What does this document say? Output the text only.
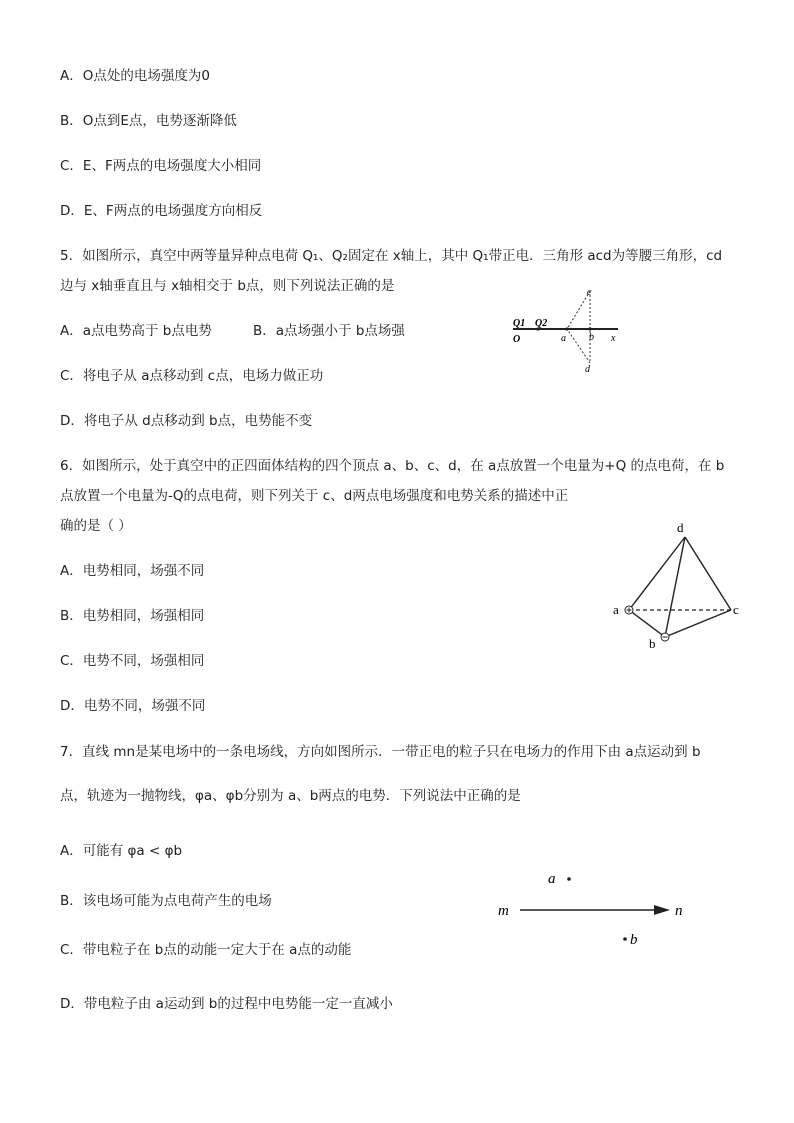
A．O点处的电场强度为0
B．O点到E点，电势逐渐降低
C．E、F两点的电场强度大小相同
D．E、F两点的电场强度方向相反
5．如图所示，真空中两等量异种点电荷 Q₁、Q₂固定在 x轴上，其中 Q₁带正电．三角形 acd为等腰三角形，cd
边与 x轴垂直且与 x轴相交于 b点，则下列说法正确的是
A．a点电势高于 b点电势	B．a点场强小于 b点场强
C．将电子从 a点移动到 c点，电场力做正功
D．将电子从 d点移动到 b点，电势能不变
Q1 Q2
O	a b x
c
d
6．如图所示，处于真空中的正四面体结构的四个顶点 a、b、c、d，在 a点放置一个电量为+Q 的点电荷，在 b
点放置一个电量为-Q的点电荷，则下列关于 c、d两点电场强度和电势关系的描述中正
确的是（ ）
A．电势相同，场强不同
B．电势相同，场强相同
C．电势不同，场强相同
D．电势不同，场强不同
d
a	c
b
7．直线 mn是某电场中的一条电场线，方向如图所示．一带正电的粒子只在电场力的作用下由 a点运动到 b
点，轨迹为一抛物线，φa、φb分别为 a、b两点的电势．下列说法中正确的是
A．可能有 φa < φb
B．该电场可能为点电荷产生的电场
C．带电粒子在 b点的动能一定大于在 a点的动能
D．带电粒子由 a运动到 b的过程中电势能一定一直减小
a
b
m	n
